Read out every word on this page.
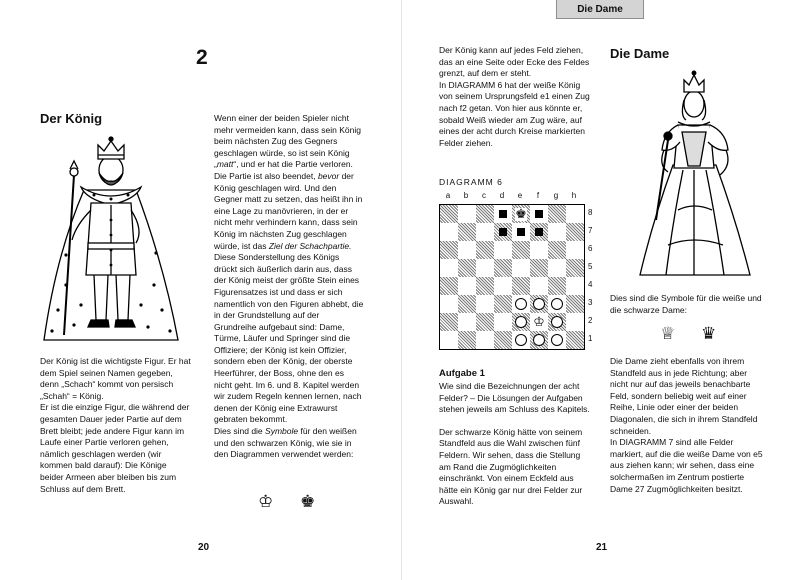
2
Der König

Der König ist die wichtigste Figur. Er hat dem Spiel seinen Namen gegeben, denn „Schach“ kommt von persisch „Schah“ = König.

Er ist die einzige Figur, die während der gesamten Dauer jeder Partie auf dem Brett bleibt; jede andere Figur kann im Laufe einer Partie verloren gehen, nämlich geschlagen werden (wir kommen bald darauf): Die Könige beider Armeen aber bleiben bis zum Schluss auf dem Brett.

Wenn einer der beiden Spieler nicht mehr vermeiden kann, dass sein König beim nächsten Zug des Gegners geschlagen würde, so ist sein König „matt“, und er hat die Partie verloren.

Die Partie ist also beendet, bevor der König geschlagen wird. Und den Gegner matt zu setzen, das heißt ihn in eine Lage zu manövrieren, in der er nicht mehr verhindern kann, dass sein König im nächsten Zug geschlagen würde, ist das Ziel der Schachpartie.

Diese Sonderstellung des Königs drückt sich äußerlich darin aus, dass der König meist der größte Stein eines Figurensatzes ist und dass er sich namentlich von den Figuren abhebt, die in der Grundstellung auf der Grundreihe aufgebaut sind: Dame, Türme, Läufer und Springer sind die Offiziere; der König ist kein Offizier, sondern eben der König, der oberste Heerführer, der Boss, ohne den es nicht geht. Im 6. und 8. Kapitel werden wir zudem Regeln kennen lernen, nach denen der König eine Extrawurst gebraten bekommt.

Dies sind die Symbole für den weißen und den schwarzen König, wie sie in den Diagrammen verwendet werden:

♔ ♚
20
Die Dame
Der König kann auf jedes Feld ziehen, das an eine Seite oder Ecke des Feldes grenzt, auf dem er steht.
In DIAGRAMM 6 hat der weiße König von seinem Ursprungsfeld e1 einen Zug nach f2 getan. Von hier aus könnte er, sobald Weiß wieder am Zug wäre, auf eines der acht durch Kreise markierten Felder ziehen.
DIAGRAMM 6
a	b	c	d	e	f	g	h
♚
♔
8
7
6
5
4
3
2
1
Aufgabe 1

Wie sind die Bezeichnungen der acht Felder? – Die Lösungen der Aufgaben stehen jeweils am Schluss des Kapitels.

Der schwarze König hätte von seinem Standfeld aus die Wahl zwischen fünf Feldern. Wir sehen, dass die Stellung am Rand die Zugmöglichkeiten einschränkt. Von einem Eckfeld aus hätte ein König gar nur drei Felder zur Auswahl.

Die Dame
Dies sind die Symbole für die weiße und die schwarze Dame:
♕ ♛
Die Dame zieht ebenfalls von ihrem Standfeld aus in jede Richtung; aber nicht nur auf das jeweils benachbarte Feld, sondern beliebig weit auf einer Reihe, Linie oder einer der beiden Diagonalen, die sich in ihrem Standfeld schneiden.
In DIAGRAMM 7 sind alle Felder markiert, auf die die weiße Dame von e5 aus ziehen kann; wir sehen, dass eine solchermaßen im Zentrum postierte Dame 27 Zugmöglichkeiten besitzt.
21
